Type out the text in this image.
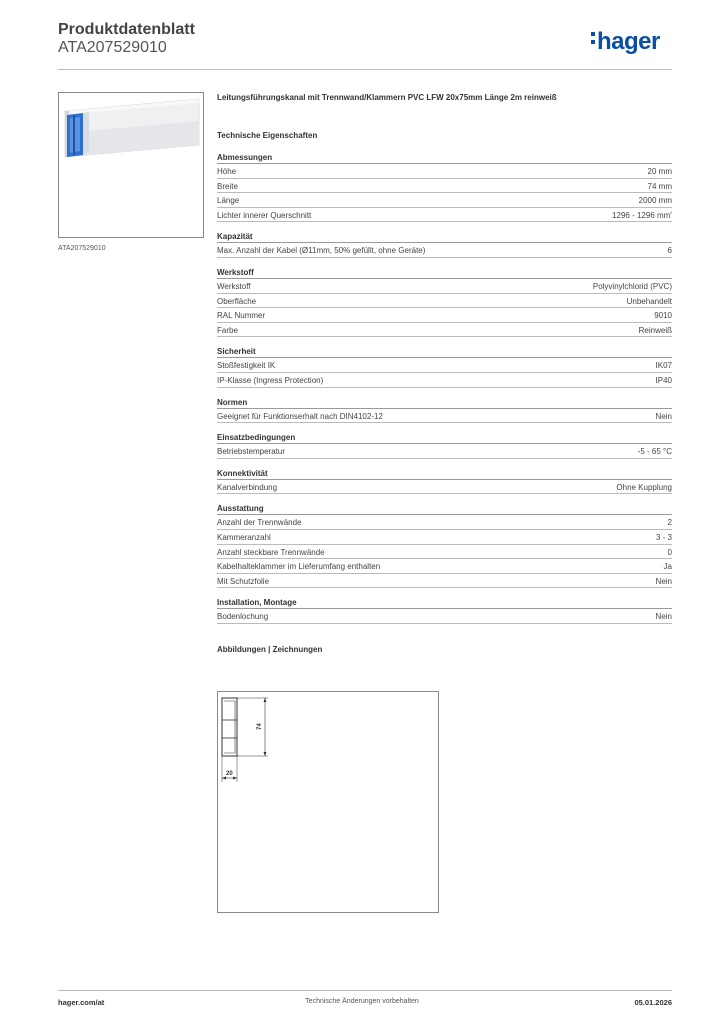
Produktdatenblatt
ATA207529010	hager
ATA207529010
Leitungsführungskanal mit Trennwand/Klammern PVC LFW 20x75mm Länge 2m reinweiß
Technische Eigenschaften
Abmessungen
Höhe	20 mm
Breite	74 mm
Länge	2000 mm
Lichter innerer Querschnitt	1296 - 1296 $mm^{^2}$
Kapazität
Max. Anzahl der Kabel (Ø11mm, 50% gefüllt, ohne Geräte)	6
Werkstoff
Werkstoff	Polyvinylchlorid (PVC)
Oberfläche	Unbehandelt
RAL Nummer	9010
Farbe	Reinweiß
Sicherheit
Stoßfestigkeit IK	IK07
IP-Klasse (Ingress Protection)	IP40
Normen
Geeignet für Funktionserhalt nach DIN4102-12	Nein
Einsatzbedingungen
Betriebstemperatur	-5 - 65 °C
Konnektivität
Kanalverbindung	Ohne Kupplung
Ausstattung
Anzahl der Trennwände	2
Kammeranzahl	3 - 3
Anzahl steckbare Trennwände	0
Kabelhalteklammer im Lieferumfang enthalten	Ja
Mit Schutzfolie	Nein
Installation, Montage
Bodenlochung	Nein
Abbildungen | Zeichnungen
74
20
hager.com/at	Technische Änderungen vorbehalten	05.01.2026
